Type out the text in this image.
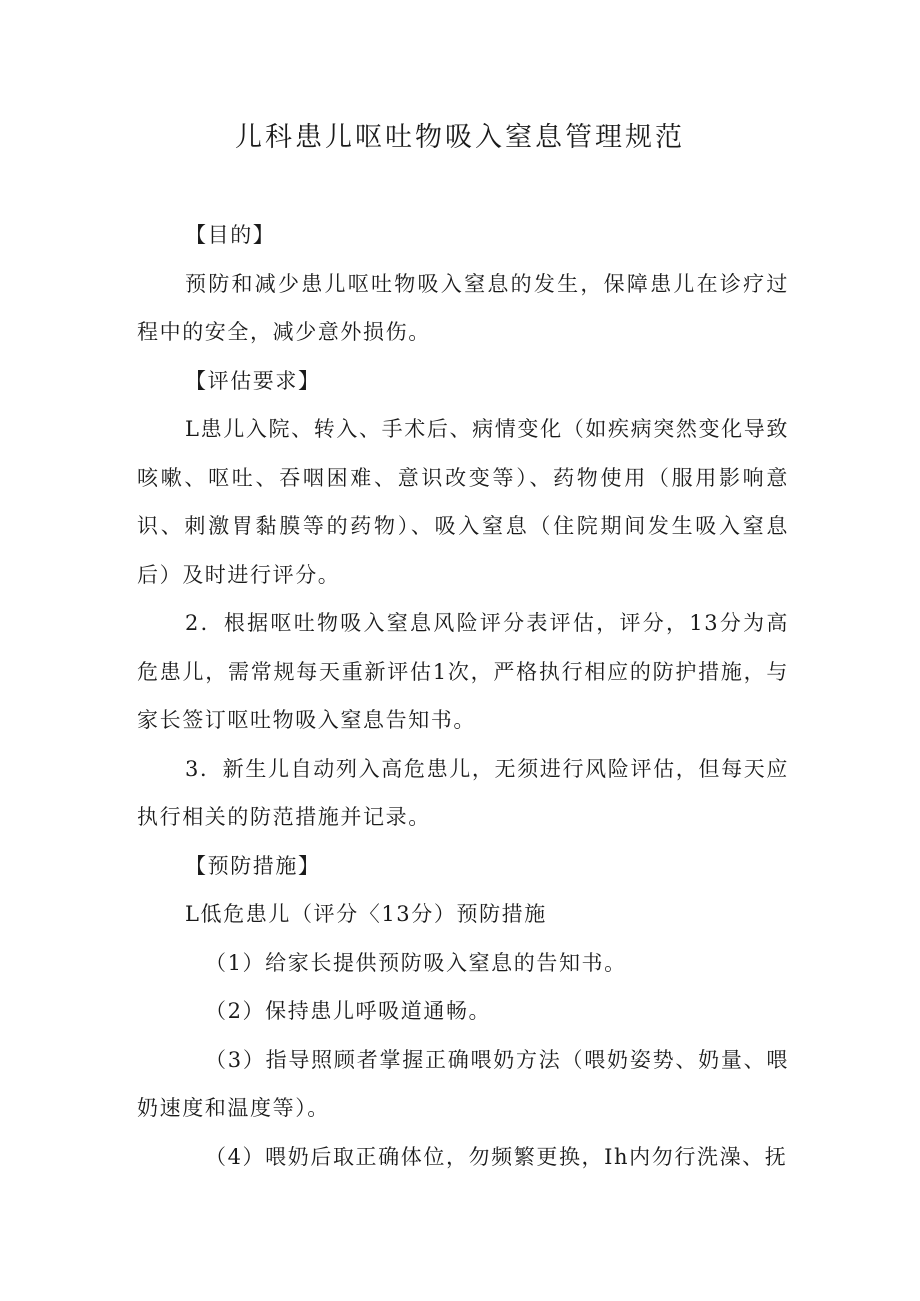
儿科患儿呕吐物吸入窒息管理规范

【目的】

预防和减少患儿呕吐物吸入窒息的发生，保障患儿在诊疗过程中的安全，减少意外损伤。

【评估要求】

L患儿入院、转入、手术后、病情变化（如疾病突然变化导致咳嗽、呕吐、吞咽困难、意识改变等）、药物使用（服用影响意识、刺激胃黏膜等的药物）、吸入窒息（住院期间发生吸入窒息后）及时进行评分。

2．根据呕吐物吸入窒息风险评分表评估，评分，13分为高危患儿，需常规每天重新评估1次，严格执行相应的防护措施，与家长签订呕吐物吸入窒息告知书。

3．新生儿自动列入高危患儿，无须进行风险评估，但每天应执行相关的防范措施并记录。

【预防措施】

L低危患儿（评分〈13分）预防措施

（1）给家长提供预防吸入窒息的告知书。

（2）保持患儿呼吸道通畅。

（3）指导照顾者掌握正确喂奶方法（喂奶姿势、奶量、喂奶速度和温度等）。

（4）喂奶后取正确体位，勿频繁更换，Ih内勿行洗澡、抚
